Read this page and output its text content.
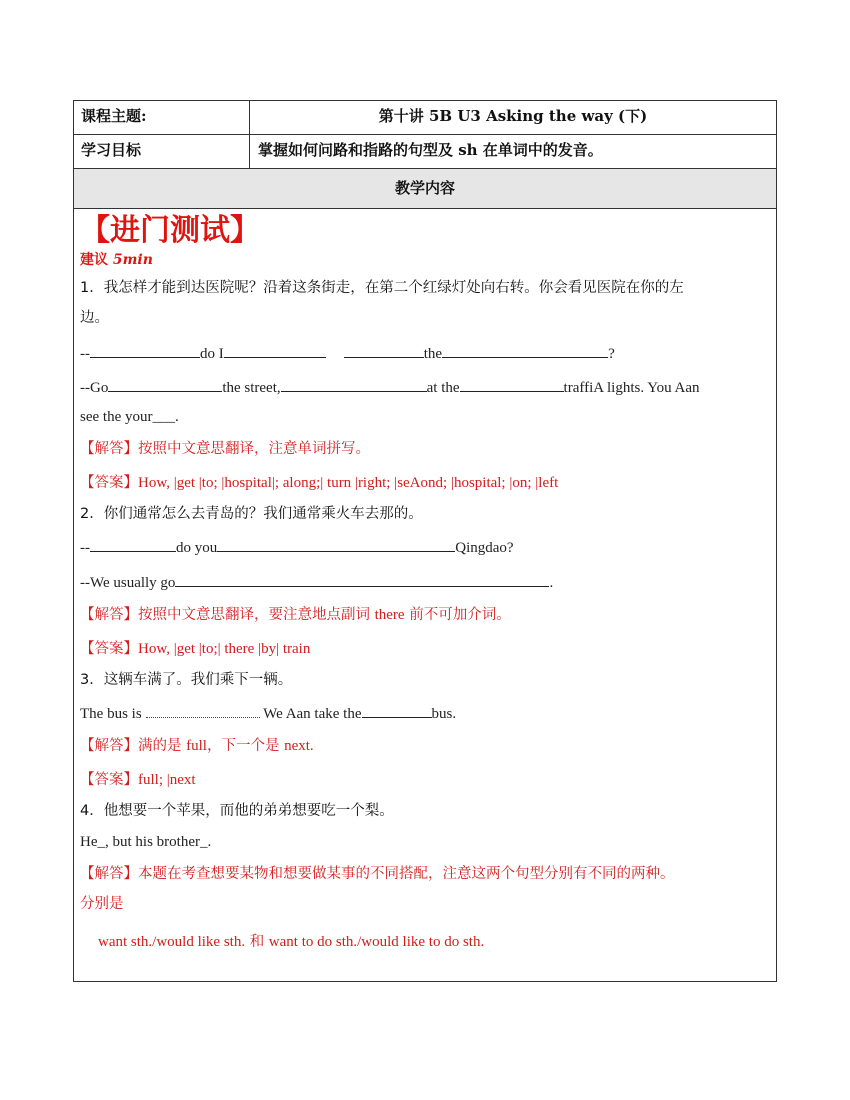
课程主题:	第十讲 5B U3 Asking the way (下)
学习目标	掌握如何问路和指路的句型及 sh 在单词中的发音。
教学内容
【进门测试】
建议 5min
1．我怎样才能到达医院呢？沿着这条街走，在第二个红绿灯处向右转。你会看见医院在你的左
边。
--	do I	the	?
--Go	the street,	at the	traffiA lights. You Aan
see the your___.
【解答】按照中文意思翻译，注意单词拼写。
【答案】How, |get |to; |hospital|; along;| turn |right; |seAond; |hospital; |on; |left
2．你们通常怎么去青岛的？我们通常乘火车去那的。
--	do you	Qingdao?
--We usually go	.
【解答】按照中文意思翻译，要注意地点副词 there 前不可加介词。
【答案】How, |get |to;| there |by| train
3．这辆车满了。我们乘下一辆。
The bus is	We Aan take the	bus.
【解答】满的是 full，下一个是 next.
【答案】full; |next
4．他想要一个苹果，而他的弟弟想要吃一个梨。
He_, but his brother_.
【解答】本题在考查想要某物和想要做某事的不同搭配，注意这两个句型分别有不同的两种。
分别是
want sth./would like sth. 和 want to do sth./would like to do sth.
